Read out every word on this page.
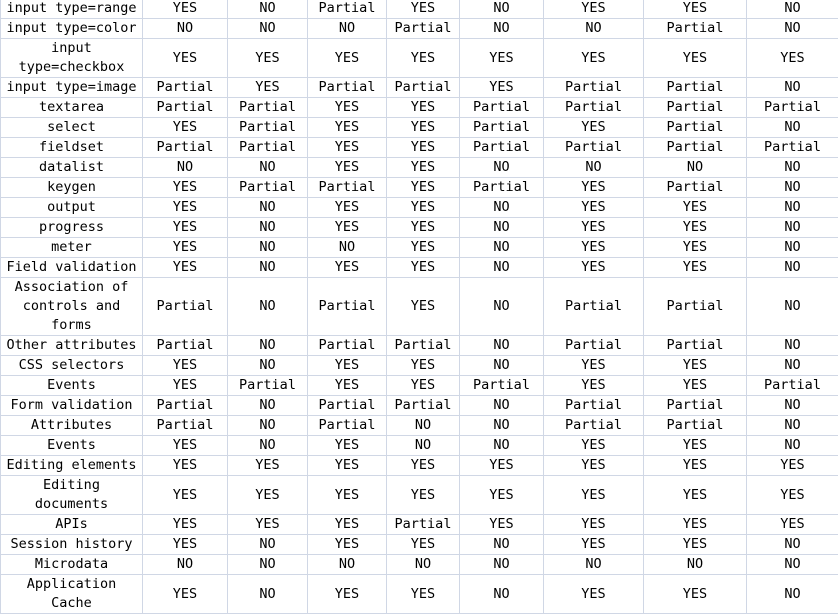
input type=range	YES	NO	Partial	YES	NO	YES	YES	NO
input type=color	NO	NO	NO	Partial	NO	NO	Partial	NO
input type=checkbox	YES	YES	YES	YES	YES	YES	YES	YES
input type=image	Partial	YES	Partial	Partial	YES	Partial	Partial	NO
textarea	Partial	Partial	YES	YES	Partial	Partial	Partial	Partial
select	YES	Partial	YES	YES	Partial	YES	Partial	NO
fieldset	Partial	Partial	YES	YES	Partial	Partial	Partial	Partial
datalist	NO	NO	YES	YES	NO	NO	NO	NO
keygen	YES	Partial	Partial	YES	Partial	YES	Partial	NO
output	YES	NO	YES	YES	NO	YES	YES	NO
progress	YES	NO	YES	YES	NO	YES	YES	NO
meter	YES	NO	NO	YES	NO	YES	YES	NO
Field validation	YES	NO	YES	YES	NO	YES	YES	NO
Association of controls and forms	Partial	NO	Partial	YES	NO	Partial	Partial	NO
Other attributes	Partial	NO	Partial	Partial	NO	Partial	Partial	NO
CSS selectors	YES	NO	YES	YES	NO	YES	YES	NO
Events	YES	Partial	YES	YES	Partial	YES	YES	Partial
Form validation	Partial	NO	Partial	Partial	NO	Partial	Partial	NO
Attributes	Partial	NO	Partial	NO	NO	Partial	Partial	NO
Events	YES	NO	YES	NO	NO	YES	YES	NO
Editing elements	YES	YES	YES	YES	YES	YES	YES	YES
Editing documents	YES	YES	YES	YES	YES	YES	YES	YES
APIs	YES	YES	YES	Partial	YES	YES	YES	YES
Session history	YES	NO	YES	YES	NO	YES	YES	NO
Microdata	NO	NO	NO	NO	NO	NO	NO	NO
Application Cache	YES	NO	YES	YES	NO	YES	YES	NO
